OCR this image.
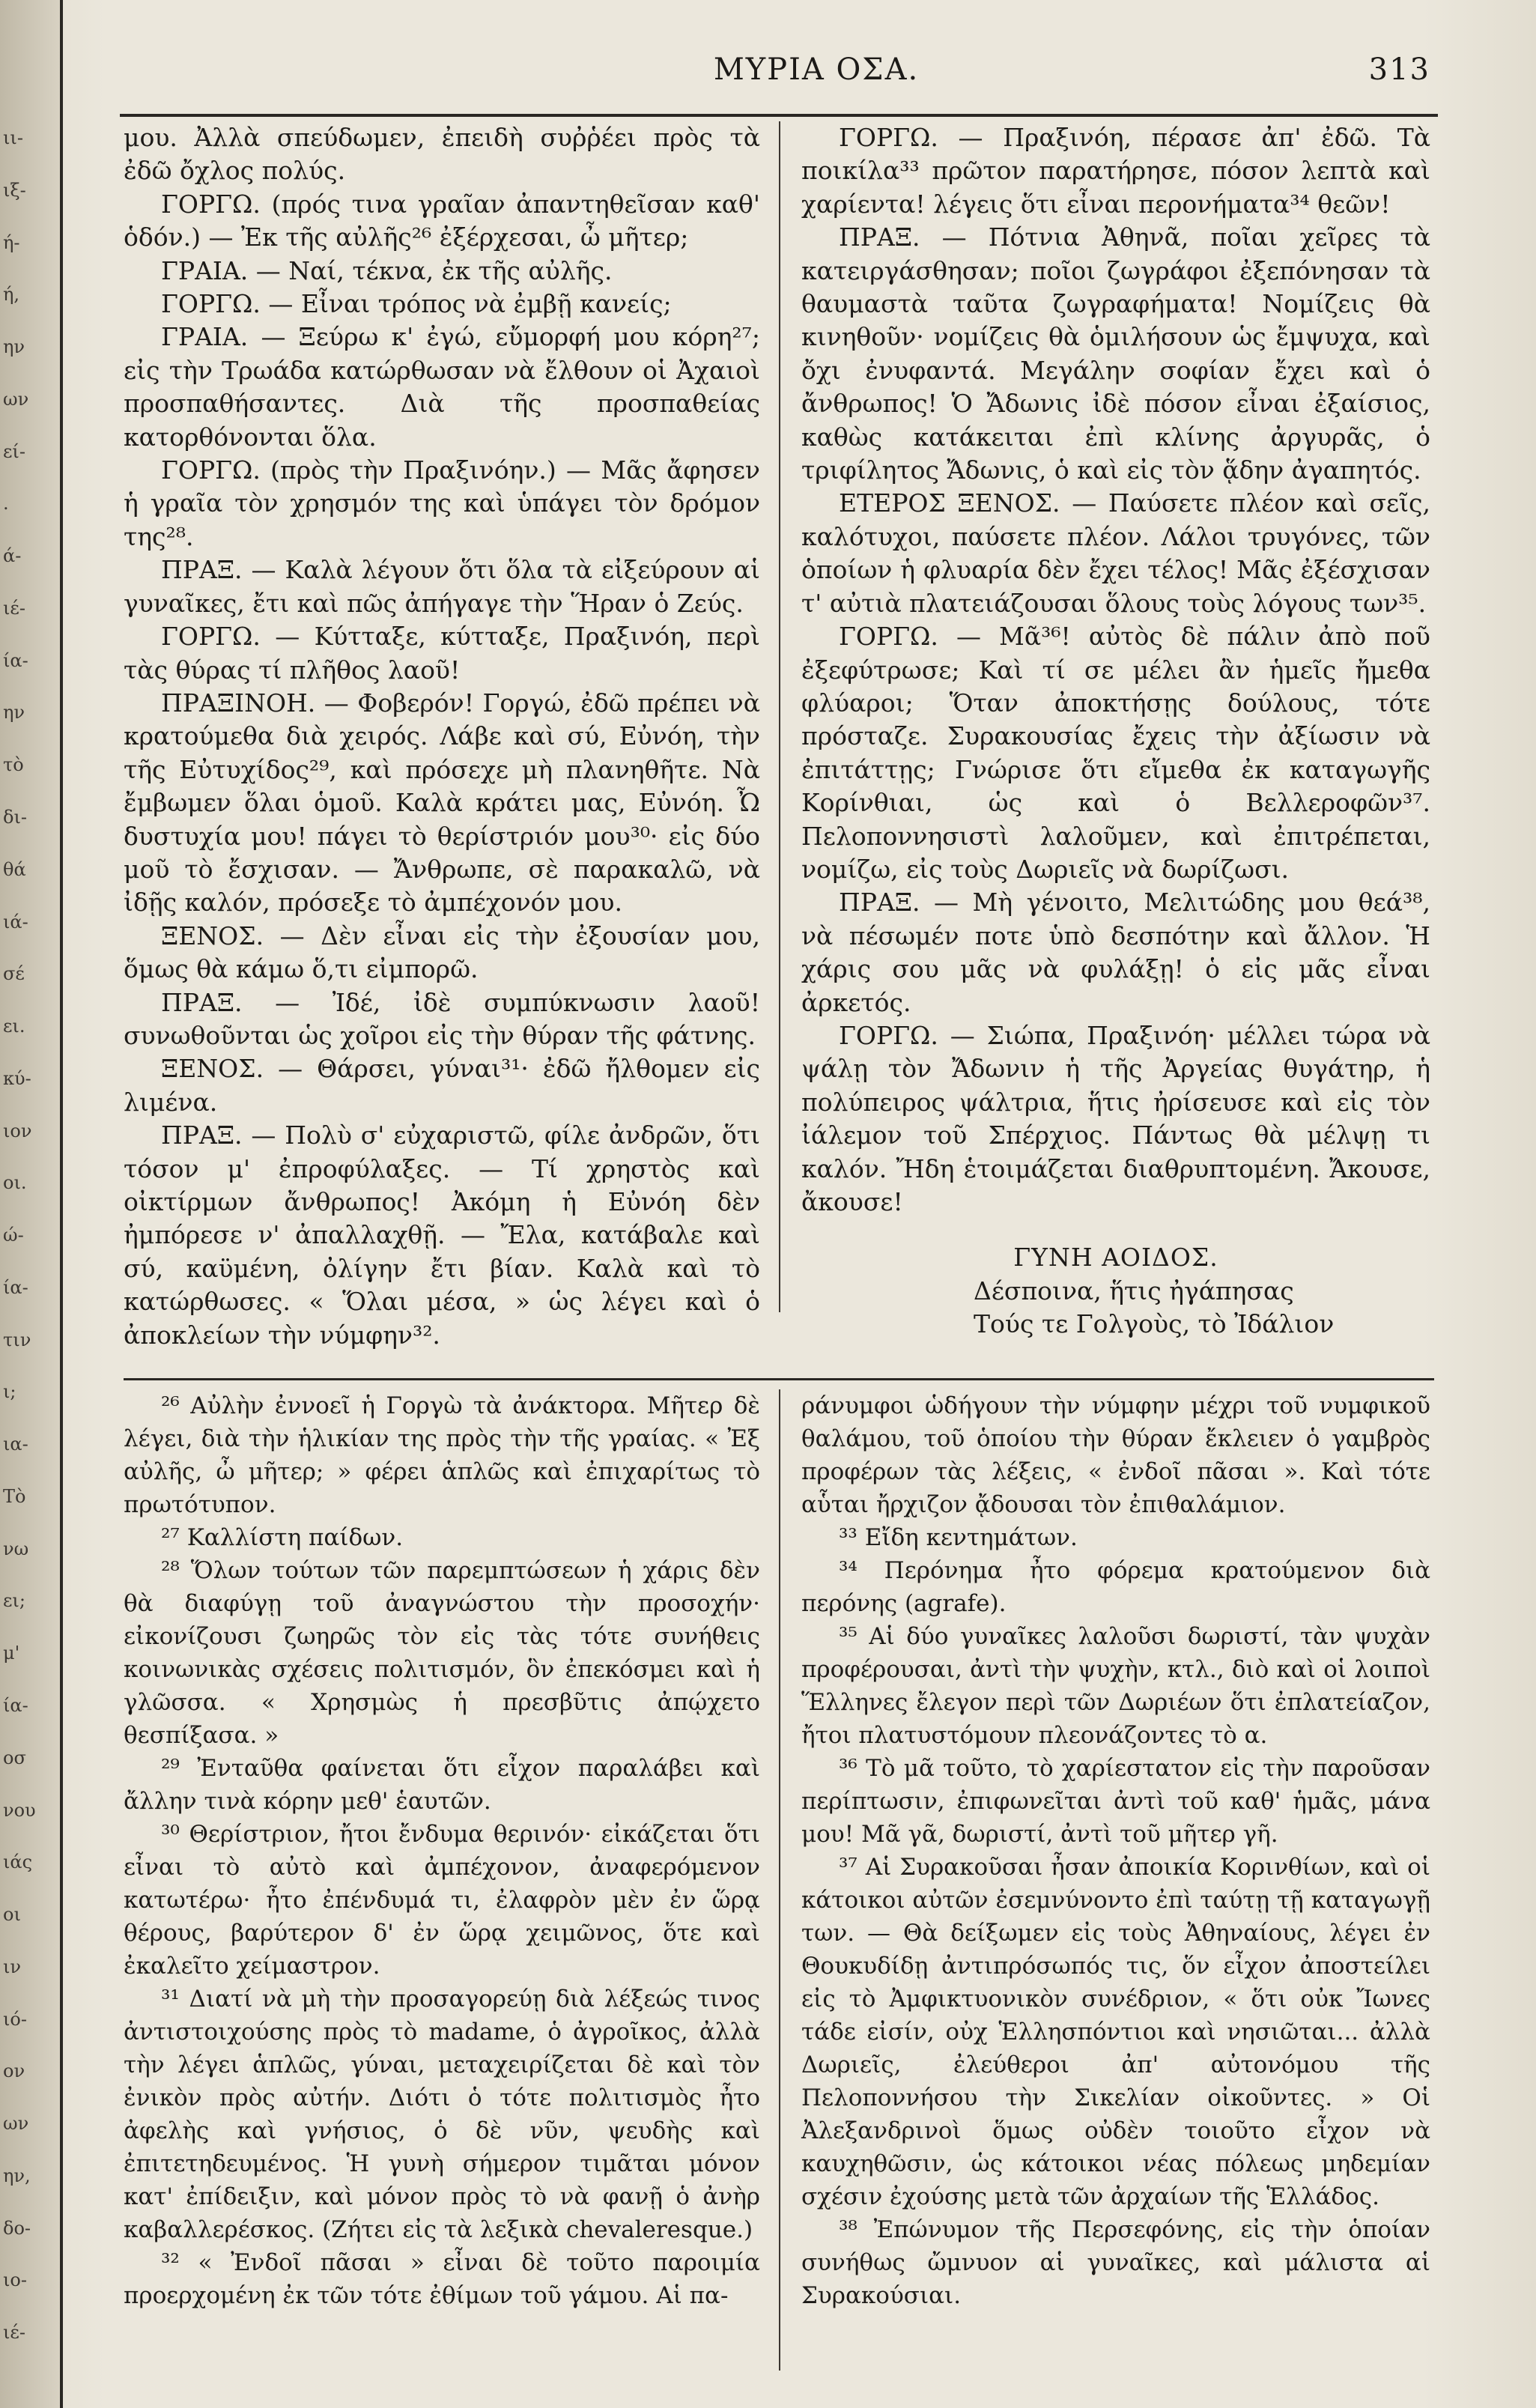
ιι-
ιξ-
ή-
ή,
ην
ων
εί-
.
ά-
ιέ-
ία-
ην
τὸ
δι-
θά
ιά-
σέ
ει.
κύ-
ιον
οι.
ώ-
ία-
τιν
ι;
ια-
Τὸ
νω
ει;
μ'
ία-
οσ
νου
ιάς
οι
ιν
ιό-
ον
ων
ην,
δο-
ιο-
ιέ-
ΜΥΡΙΑ ΟΣΑ.	313

μου. Ἀλλὰ σπεύδωμεν, ἐπειδὴ συῤῥέει πρὸς τὰ ἐδῶ ὄχλος πολύς.

ΓΟΡΓΩ. (πρός τινα γραῖαν ἀπαντηθεῖσαν καθ' ὁδόν.) — Ἐκ τῆς αὐλῆς²⁶ ἐξέρχεσαι, ὦ μῆτερ;

ΓΡΑΙΑ. — Ναί, τέκνα, ἐκ τῆς αὐλῆς.

ΓΟΡΓΩ. — Εἶναι τρόπος νὰ ἐμβῇ κανείς;

ΓΡΑΙΑ. — Ξεύρω κ' ἐγώ, εὔμορφή μου κόρη²⁷; εἰς τὴν Τρωάδα κατώρθωσαν νὰ ἔλθουν οἱ Ἀχαιοὶ προσπαθήσαντες. Διὰ τῆς προσπαθείας κατορθόνονται ὅλα.

ΓΟΡΓΩ. (πρὸς τὴν Πραξινόην.) — Μᾶς ἄφησεν ἡ γραῖα τὸν χρησμόν της καὶ ὑπάγει τὸν δρόμον της²⁸.

ΠΡΑΞ. — Καλὰ λέγουν ὅτι ὅλα τὰ εἰξεύρουν αἱ γυναῖκες, ἔτι καὶ πῶς ἀπήγαγε τὴν Ἥραν ὁ Ζεύς.

ΓΟΡΓΩ. — Κύτταξε, κύτταξε, Πραξινόη, περὶ τὰς θύρας τί πλῆθος λαοῦ!

ΠΡΑΞΙΝΟΗ. — Φοβερόν! Γοργώ, ἐδῶ πρέπει νὰ κρατούμεθα διὰ χειρός. Λάβε καὶ σύ, Εὐνόη, τὴν τῆς Εὐτυχίδος²⁹, καὶ πρόσεχε μὴ πλανηθῆτε. Νὰ ἔμβωμεν ὅλαι ὁμοῦ. Καλὰ κράτει μας, Εὐνόη. Ὦ δυστυχία μου! πάγει τὸ θερίστριόν μου³⁰· εἰς δύο μοῦ τὸ ἔσχισαν. — Ἄνθρωπε, σὲ παρακαλῶ, νὰ ἰδῇς καλόν, πρόσεξε τὸ ἀμπέχονόν μου.

ΞΕΝΟΣ. — Δὲν εἶναι εἰς τὴν ἐξουσίαν μου, ὅμως θὰ κάμω ὅ,τι εἰμπορῶ.

ΠΡΑΞ. — Ἰδέ, ἰδὲ συμπύκνωσιν λαοῦ! συνωθοῦνται ὡς χοῖροι εἰς τὴν θύραν τῆς φάτνης.

ΞΕΝΟΣ. — Θάρσει, γύναι³¹· ἐδῶ ἤλθομεν εἰς λιμένα.

ΠΡΑΞ. — Πολὺ σ' εὐχαριστῶ, φίλε ἀνδρῶν, ὅτι τόσον μ' ἐπροφύλαξες. — Τί χρηστὸς καὶ οἰκτίρμων ἄνθρωπος! Ἀκόμη ἡ Εὐνόη δὲν ἠμπόρεσε ν' ἀπαλλαχθῇ. — Ἔλα, κατάβαλε καὶ σύ, καϋμένη, ὀλίγην ἔτι βίαν. Καλὰ καὶ τὸ κατώρθωσες. « Ὅλαι μέσα, » ὡς λέγει καὶ ὁ ἀποκλείων τὴν νύμφην³².

ΓΟΡΓΩ. — Πραξινόη, πέρασε ἀπ' ἐδῶ. Τὰ ποικίλα³³ πρῶτον παρατήρησε, πόσον λεπτὰ καὶ χαρίεντα! λέγεις ὅτι εἶναι περονήματα³⁴ θεῶν!

ΠΡΑΞ. — Πότνια Ἀθηνᾶ, ποῖαι χεῖρες τὰ κατειργάσθησαν; ποῖοι ζωγράφοι ἐξεπόνησαν τὰ θαυμαστὰ ταῦτα ζωγραφήματα! Νομίζεις θὰ κινηθοῦν· νομίζεις θὰ ὁμιλήσουν ὡς ἔμψυχα, καὶ ὄχι ἐνυφαντά. Μεγάλην σοφίαν ἔχει καὶ ὁ ἄνθρωπος! Ὁ Ἄδωνις ἰδὲ πόσον εἶναι ἐξαίσιος, καθὼς κατάκειται ἐπὶ κλίνης ἀργυρᾶς, ὁ τριφίλητος Ἄδωνις, ὁ καὶ εἰς τὸν ᾅδην ἀγαπητός.

ΕΤΕΡΟΣ ΞΕΝΟΣ. — Παύσετε πλέον καὶ σεῖς, καλότυχοι, παύσετε πλέον. Λάλοι τρυγόνες, τῶν ὁποίων ἡ φλυαρία δὲν ἔχει τέλος! Μᾶς ἐξέσχισαν τ' αὐτιὰ πλατειάζουσαι ὅλους τοὺς λόγους των³⁵.

ΓΟΡΓΩ. — Μᾶ³⁶! αὐτὸς δὲ πάλιν ἀπὸ ποῦ ἐξεφύτρωσε; Καὶ τί σε μέλει ἂν ἡμεῖς ἤμεθα φλύαροι; Ὅταν ἀποκτήσῃς δούλους, τότε πρόσταζε. Συρακουσίας ἔχεις τὴν ἀξίωσιν νὰ ἐπιτάττῃς; Γνώρισε ὅτι εἴμεθα ἐκ καταγωγῆς Κορίνθιαι, ὡς καὶ ὁ Βελλεροφῶν³⁷. Πελοποννησιστὶ λαλοῦμεν, καὶ ἐπιτρέπεται, νομίζω, εἰς τοὺς Δωριεῖς νὰ δωρίζωσι.

ΠΡΑΞ. — Μὴ γένοιτο, Μελιτώδης μου θεά³⁸, νὰ πέσωμέν ποτε ὑπὸ δεσπότην καὶ ἄλλον. Ἡ χάρις σου μᾶς νὰ φυλάξῃ! ὁ εἰς μᾶς εἶναι ἀρκετός.

ΓΟΡΓΩ. — Σιώπα, Πραξινόη· μέλλει τώρα νὰ ψάλῃ τὸν Ἄδωνιν ἡ τῆς Ἀργείας θυγάτηρ, ἡ πολύπειρος ψάλτρια, ἥτις ἠρίσευσε καὶ εἰς τὸν ἰάλεμον τοῦ Σπέρχιος. Πάντως θὰ μέλψῃ τι καλόν. Ἤδη ἑτοιμάζεται διαθρυπτομένη. Ἄκουσε, ἄκουσε!

ΓΥΝΗ ΑΟΙΔΟΣ.

Δέσποινα, ἥτις ἠγάπησας

Τούς τε Γολγοὺς, τὸ Ἰδάλιον

²⁶ Αὐλὴν ἐννοεῖ ἡ Γοργὼ τὰ ἀνάκτορα. Μῆτερ δὲ λέγει, διὰ τὴν ἡλικίαν της πρὸς τὴν τῆς γραίας. « Ἐξ αὐλῆς, ὦ μῆτερ; » φέρει ἁπλῶς καὶ ἐπιχαρίτως τὸ πρωτότυπον.

²⁷ Καλλίστη παίδων.

²⁸ Ὅλων τούτων τῶν παρεμπτώσεων ἡ χάρις δὲν θὰ διαφύγῃ τοῦ ἀναγνώστου τὴν προσοχήν· εἰκονίζουσι ζωηρῶς τὸν εἰς τὰς τότε συνήθεις κοινωνικὰς σχέσεις πολιτισμόν, ὃν ἐπεκόσμει καὶ ἡ γλῶσσα. « Χρησμὼς ἡ πρεσβῦτις ἀπῴχετο θεσπίξασα. »

²⁹ Ἐνταῦθα φαίνεται ὅτι εἶχον παραλάβει καὶ ἄλλην τινὰ κόρην μεθ' ἑαυτῶν.

³⁰ Θερίστριον, ἤτοι ἔνδυμα θερινόν· εἰκάζεται ὅτι εἶναι τὸ αὐτὸ καὶ ἀμπέχονον, ἀναφερόμενον κατωτέρω· ἦτο ἐπένδυμά τι, ἐλαφρὸν μὲν ἐν ὥρᾳ θέρους, βαρύτερον δ' ἐν ὥρᾳ χειμῶνος, ὅτε καὶ ἐκαλεῖτο χείμαστρον.

³¹ Διατί νὰ μὴ τὴν προσαγορεύῃ διὰ λέξεώς τινος ἀντιστοιχούσης πρὸς τὸ madame, ὁ ἀγροῖκος, ἀλλὰ τὴν λέγει ἁπλῶς, γύναι, μεταχειρίζεται δὲ καὶ τὸν ἐνικὸν πρὸς αὐτήν. Διότι ὁ τότε πολιτισμὸς ἦτο ἀφελὴς καὶ γνήσιος, ὁ δὲ νῦν, ψευδὴς καὶ ἐπιτετηδευμένος. Ἡ γυνὴ σήμερον τιμᾶται μόνον κατ' ἐπίδειξιν, καὶ μόνον πρὸς τὸ νὰ φανῇ ὁ ἀνὴρ καβαλλερέσκος. (Ζήτει εἰς τὰ λεξικὰ chevaleresque.)

³² « Ἐνδοῖ πᾶσαι » εἶναι δὲ τοῦτο παροιμία προερχομένη ἐκ τῶν τότε ἐθίμων τοῦ γάμου. Αἱ πα-

ράνυμφοι ὡδήγουν τὴν νύμφην μέχρι τοῦ νυμφικοῦ θαλάμου, τοῦ ὁποίου τὴν θύραν ἔκλειεν ὁ γαμβρὸς προφέρων τὰς λέξεις, « ἐνδοῖ πᾶσαι ». Καὶ τότε αὗται ἤρχιζον ᾄδουσαι τὸν ἐπιθαλάμιον.

³³ Εἴδη κεντημάτων.

³⁴ Περόνημα ἦτο φόρεμα κρατούμενον διὰ περόνης (agrafe).

³⁵ Αἱ δύο γυναῖκες λαλοῦσι δωριστί, τὰν ψυχὰν προφέρουσαι, ἀντὶ τὴν ψυχὴν, κτλ., διὸ καὶ οἱ λοιποὶ Ἕλληνες ἔλεγον περὶ τῶν Δωριέων ὅτι ἐπλατείαζον, ἤτοι πλατυστόμουν πλεονάζοντες τὸ α.

³⁶ Τὸ μᾶ τοῦτο, τὸ χαρίεστατον εἰς τὴν παροῦσαν περίπτωσιν, ἐπιφωνεῖται ἀντὶ τοῦ καθ' ἡμᾶς, μάνα μου! Μᾶ γᾶ, δωριστί, ἀντὶ τοῦ μῆτερ γῆ.

³⁷ Αἱ Συρακοῦσαι ἦσαν ἀποικία Κορινθίων, καὶ οἱ κάτοικοι αὐτῶν ἐσεμνύνοντο ἐπὶ ταύτῃ τῇ καταγωγῇ των. — Θὰ δείξωμεν εἰς τοὺς Ἀθηναίους, λέγει ἐν Θουκυδίδῃ ἀντιπρόσωπός τις, ὅν εἶχον ἀποστείλει εἰς τὸ Ἀμφικτυονικὸν συνέδριον, « ὅτι οὐκ Ἴωνες τάδε εἰσίν, οὐχ Ἑλλησπόντιοι καὶ νησιῶται... ἀλλὰ Δωριεῖς, ἐλεύθεροι ἀπ' αὐτονόμου τῆς Πελοποννήσου τὴν Σικελίαν οἰκοῦντες. » Οἱ Ἀλεξανδρινοὶ ὅμως οὐδὲν τοιοῦτο εἶχον νὰ καυχηθῶσιν, ὡς κάτοικοι νέας πόλεως μηδεμίαν σχέσιν ἐχούσης μετὰ τῶν ἀρχαίων τῆς Ἑλλάδος.

³⁸ Ἐπώνυμον τῆς Περσεφόνης, εἰς τὴν ὁποίαν συνήθως ὤμνυον αἱ γυναῖκες, καὶ μάλιστα αἱ Συρακούσιαι.
